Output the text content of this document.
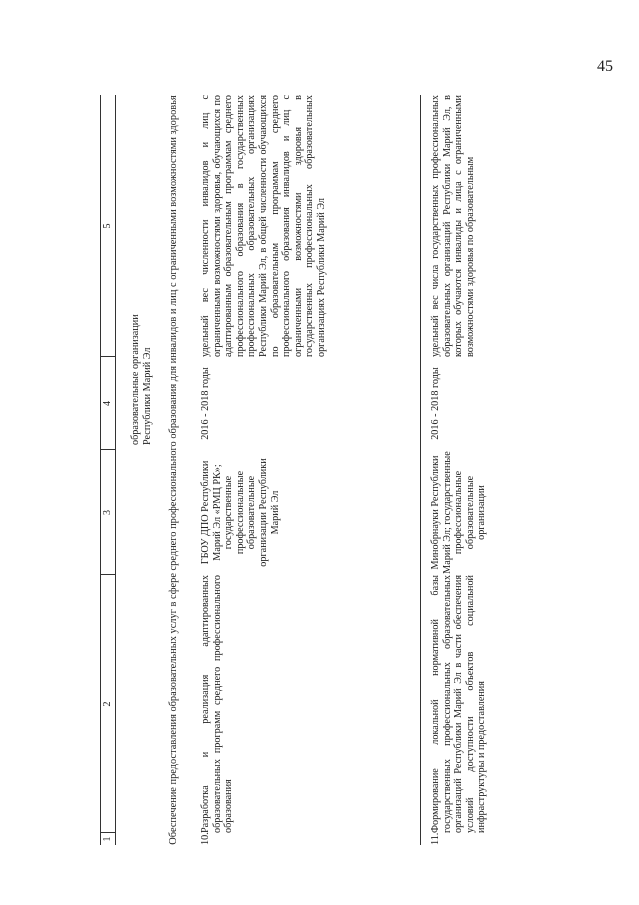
45
1
2
3
4
5
образовательные организации Республики Марий Эл Обеспечение предоставления образовательных услуг в сфере среднего профессионального образования для инвалидов и лиц с ограниченными возможностями здоровья	10.
Разработка и реализация адаптированных образовательных программ среднего профессионального образования
ГБОУ ДПО Республики Марий Эл «РМЦ РК»; государственные профессиональные образовательные организации Республики Марий Эл
2016 - 2018 годы
удельный вес численности инвалидов и лиц с ограниченными возможностями здоровья, обучающихся по адаптированным образовательным программам среднего профессионального образования в государственных профессиональных образовательных организациях Республики Марий Эл, в общей численности обучающихся по образовательным программам среднего профессионального образования инвалидов и лиц с ограниченными возможностями здоровья в государственных профессиональных образовательных организациях Республики Марий Эл
11.
Формирование локальной нормативной базы государственных профессиональных образовательных организаций Республики Марий Эл в части обеспечения условий доступности объектов социальной инфраструктуры и предоставления
Минобрнауки Республики Марий Эл; государственные профессиональные образовательные организации
2016 - 2018 годы
удельный вес числа государственных профессиональных образовательных организаций Республики Марий Эл, в которых обучаются инвалиды и лица с ограниченными возможностями здоровья по образовательным
